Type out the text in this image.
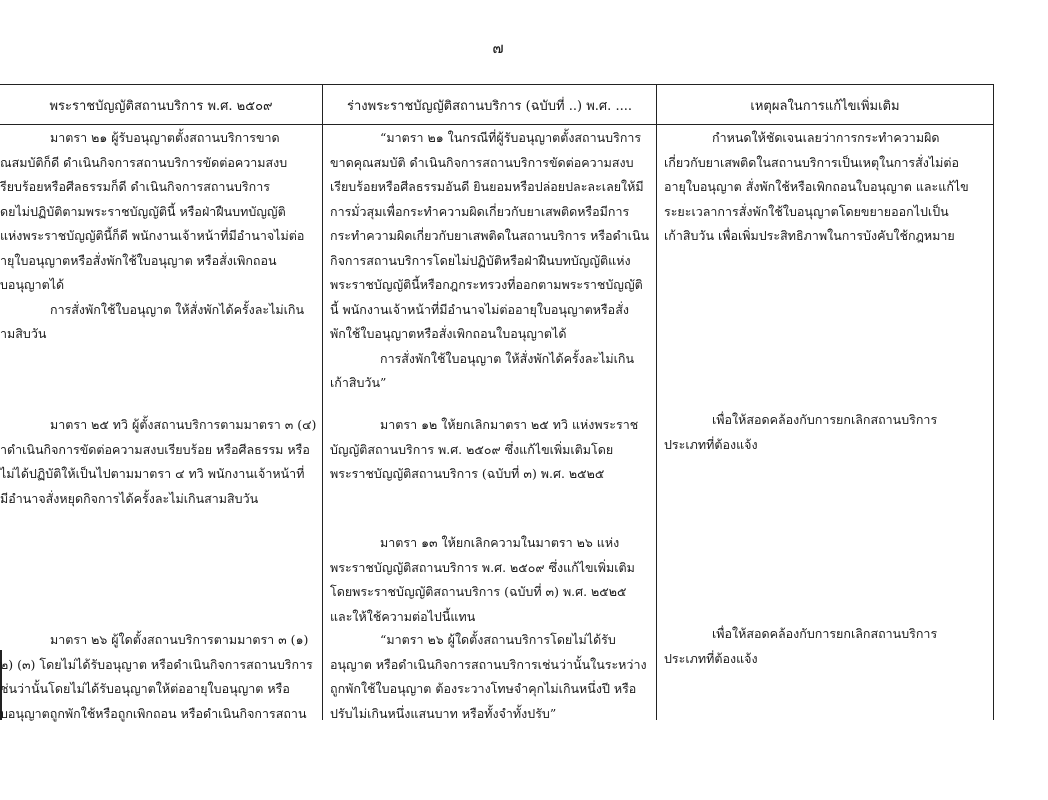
๗
พระราชบัญญัติสถานบริการ พ.ศ. ๒๕๐๙	ร่างพระราชบัญญัติสถานบริการ (ฉบับที่ ..) พ.ศ. ....	เหตุผลในการแก้ไขเพิ่มเติม

มาตรา ๒๑ ผู้รับอนุญาตตั้งสถานบริการขาด

ุณสมบัติก็ดี ดำเนินกิจการสถานบริการขัดต่อความสงบ

รียบร้อยหรือศีลธรรมก็ดี ดำเนินกิจการสถานบริการ

ดยไม่ปฏิบัติตามพระราชบัญญัตินี้ หรือฝ่าฝืนบทบัญญัติ

แห่งพระราชบัญญัตินี้ก็ดี พนักงานเจ้าหน้าที่มีอำนาจไม่ต่อ

ายุใบอนุญาตหรือสั่งพักใช้ใบอนุญาต หรือสั่งเพิกถอน

บอนุญาตได้

การสั่งพักใช้ใบอนุญาต ให้สั่งพักได้ครั้งละไม่เกิน

ามสิบวัน

“มาตรา ๒๑ ในกรณีที่ผู้รับอนุญาตตั้งสถานบริการ

ขาดคุณสมบัติ ดำเนินกิจการสถานบริการขัดต่อความสงบ

เรียบร้อยหรือศีลธรรมอันดี ยินยอมหรือปล่อยปละละเลยให้มี

การมั่วสุมเพื่อกระทำความผิดเกี่ยวกับยาเสพติดหรือมีการ

กระทำความผิดเกี่ยวกับยาเสพติดในสถานบริการ หรือดำเนิน

กิจการสถานบริการโดยไม่ปฏิบัติหรือฝ่าฝืนบทบัญญัติแห่ง

พระราชบัญญัตินี้หรือกฎกระทรวงที่ออกตามพระราชบัญญัติ

นี้ พนักงานเจ้าหน้าที่มีอำนาจไม่ต่ออายุใบอนุญาตหรือสั่ง

พักใช้ใบอนุญาตหรือสั่งเพิกถอนใบอนุญาตได้

การสั่งพักใช้ใบอนุญาต ให้สั่งพักได้ครั้งละไม่เกิน

เก้าสิบวัน”

กำหนดให้ชัดเจนเลยว่าการกระทำความผิด

เกี่ยวกับยาเสพติดในสถานบริการเป็นเหตุในการสั่งไม่ต่อ

อายุใบอนุญาต สั่งพักใช้หรือเพิกถอนใบอนุญาต และแก้ไข

ระยะเวลาการสั่งพักใช้ใบอนุญาตโดยขยายออกไปเป็น

เก้าสิบวัน เพื่อเพิ่มประสิทธิภาพในการบังคับใช้กฎหมาย

มาตรา ๒๕ ทวิ ผู้ตั้งสถานบริการตามมาตรา ๓ (๔)

ำดำเนินกิจการขัดต่อความสงบเรียบร้อย หรือศีลธรรม หรือ

ไม่ได้ปฏิบัติให้เป็นไปตามมาตรา ๔ ทวิ พนักงานเจ้าหน้าที่

มีอำนาจสั่งหยุดกิจการได้ครั้งละไม่เกินสามสิบวัน

มาตรา ๑๒ ให้ยกเลิกมาตรา ๒๕ ทวิ แห่งพระราช

บัญญัติสถานบริการ พ.ศ. ๒๕๐๙ ซึ่งแก้ไขเพิ่มเติมโดย

พระราชบัญญัติสถานบริการ (ฉบับที่ ๓) พ.ศ. ๒๕๒๕

เพื่อให้สอดคล้องกับการยกเลิกสถานบริการ

ประเภทที่ต้องแจ้ง

มาตรา ๑๓ ให้ยกเลิกความในมาตรา ๒๖ แห่ง

พระราชบัญญัติสถานบริการ พ.ศ. ๒๕๐๙ ซึ่งแก้ไขเพิ่มเติม

โดยพระราชบัญญัติสถานบริการ (ฉบับที่ ๓) พ.ศ. ๒๕๒๕

และให้ใช้ความต่อไปนี้แทน

มาตรา ๒๖ ผู้ใดตั้งสถานบริการตามมาตรา ๓ (๑)

๒) (๓) โดยไม่ได้รับอนุญาต หรือดำเนินกิจการสถานบริการ

ช่นว่านั้นโดยไม่ได้รับอนุญาตให้ต่ออายุใบอนุญาต หรือ

บอนุญาตถูกพักใช้หรือถูกเพิกถอน หรือดำเนินกิจการสถาน

“มาตรา ๒๖ ผู้ใดตั้งสถานบริการโดยไม่ได้รับ

อนุญาต หรือดำเนินกิจการสถานบริการเช่นว่านั้นในระหว่าง

ถูกพักใช้ใบอนุญาต ต้องระวางโทษจำคุกไม่เกินหนึ่งปี หรือ

ปรับไม่เกินหนึ่งแสนบาท หรือทั้งจำทั้งปรับ”

เพื่อให้สอดคล้องกับการยกเลิกสถานบริการ

ประเภทที่ต้องแจ้ง
